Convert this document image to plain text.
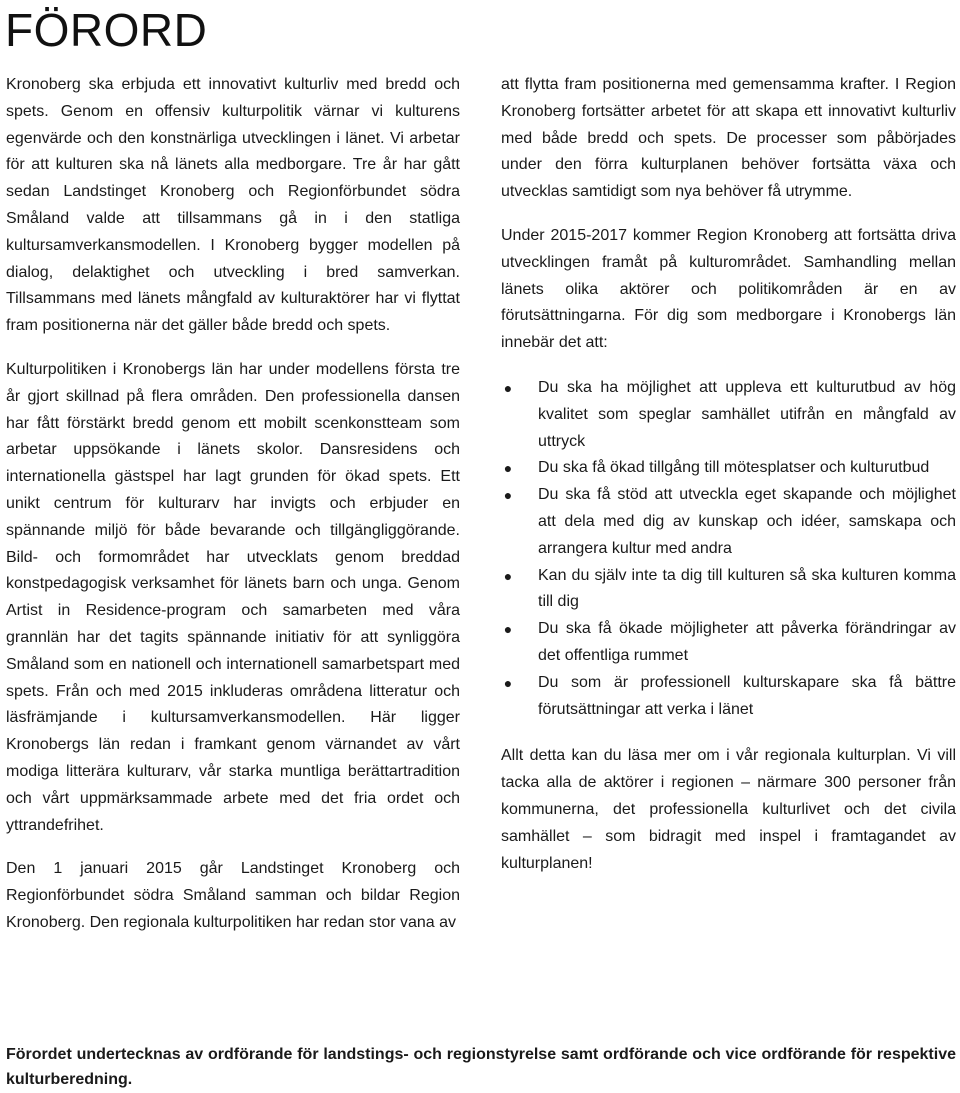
FÖRORD

Kronoberg ska erbjuda ett innovativt kulturliv med bredd och spets. Genom en offensiv kulturpolitik värnar vi kulturens egenvärde och den konstnärliga utvecklingen i länet. Vi arbetar för att kulturen ska nå länets alla medborgare. Tre år har gått sedan Landstinget Kronoberg och Regionförbundet södra Småland valde att tillsammans gå in i den statliga kultursamverkansmodellen. I Kronoberg bygger modellen på dialog, delaktighet och utveckling i bred samverkan. Tillsammans med länets mångfald av kulturaktörer har vi flyttat fram positionerna när det gäller både bredd och spets.

Kulturpolitiken i Kronobergs län har under modellens första tre år gjort skillnad på flera områden. Den professionella dansen har fått förstärkt bredd genom ett mobilt scenkonstteam som arbetar uppsökande i länets skolor. Dansresidens och internationella gästspel har lagt grunden för ökad spets. Ett unikt centrum för kulturarv har invigts och erbjuder en spännande miljö för både bevarande och tillgängliggörande. Bild- och formområdet har utvecklats genom breddad konstpedagogisk verksamhet för länets barn och unga. Genom Artist in Residence-program och samarbeten med våra grannlän har det tagits spännande initiativ för att synliggöra Småland som en nationell och internationell samarbetspart med spets. Från och med 2015 inkluderas områdena litteratur och läsfrämjande i kultursamverkansmodellen. Här ligger Kronobergs län redan i framkant genom värnandet av vårt modiga litterära kulturarv, vår starka muntliga berättartradition och vårt uppmärksammade arbete med det fria ordet och yttrandefrihet.

Den 1 januari 2015 går Landstinget Kronoberg och Regionförbundet södra Småland samman och bildar Region Kronoberg. Den regionala kulturpolitiken har redan stor vana av

att flytta fram positionerna med gemensamma krafter. I Region Kronoberg fortsätter arbetet för att skapa ett innovativt kulturliv med både bredd och spets. De processer som påbörjades under den förra kulturplanen behöver fortsätta växa och utvecklas samtidigt som nya behöver få utrymme.

Under 2015-2017 kommer Region Kronoberg att fortsätta driva utvecklingen framåt på kulturområdet. Samhandling mellan länets olika aktörer och politikområden är en av förutsättningarna. För dig som medborgare i Kronobergs län innebär det att:

● Du ska ha möjlighet att uppleva ett kulturutbud av hög kvalitet som speglar samhället utifrån en mångfald av uttryck
● Du ska få ökad tillgång till mötesplatser och kulturutbud
● Du ska få stöd att utveckla eget skapande och möjlighet att dela med dig av kunskap och idéer, samskapa och arrangera kultur med andra
● Kan du själv inte ta dig till kulturen så ska kulturen komma till dig
● Du ska få ökade möjligheter att påverka förändringar av det offentliga rummet
● Du som är professionell kulturskapare ska få bättre förutsättningar att verka i länet

Allt detta kan du läsa mer om i vår regionala kulturplan. Vi vill tacka alla de aktörer i regionen – närmare 300 personer från kommunerna, det professionella kulturlivet och det civila samhället – som bidragit med inspel i framtagandet av kulturplanen!

Förordet undertecknas av ordförande för landstings- och regionstyrelse samt ordförande och vice ordförande för respektive kulturberedning.
